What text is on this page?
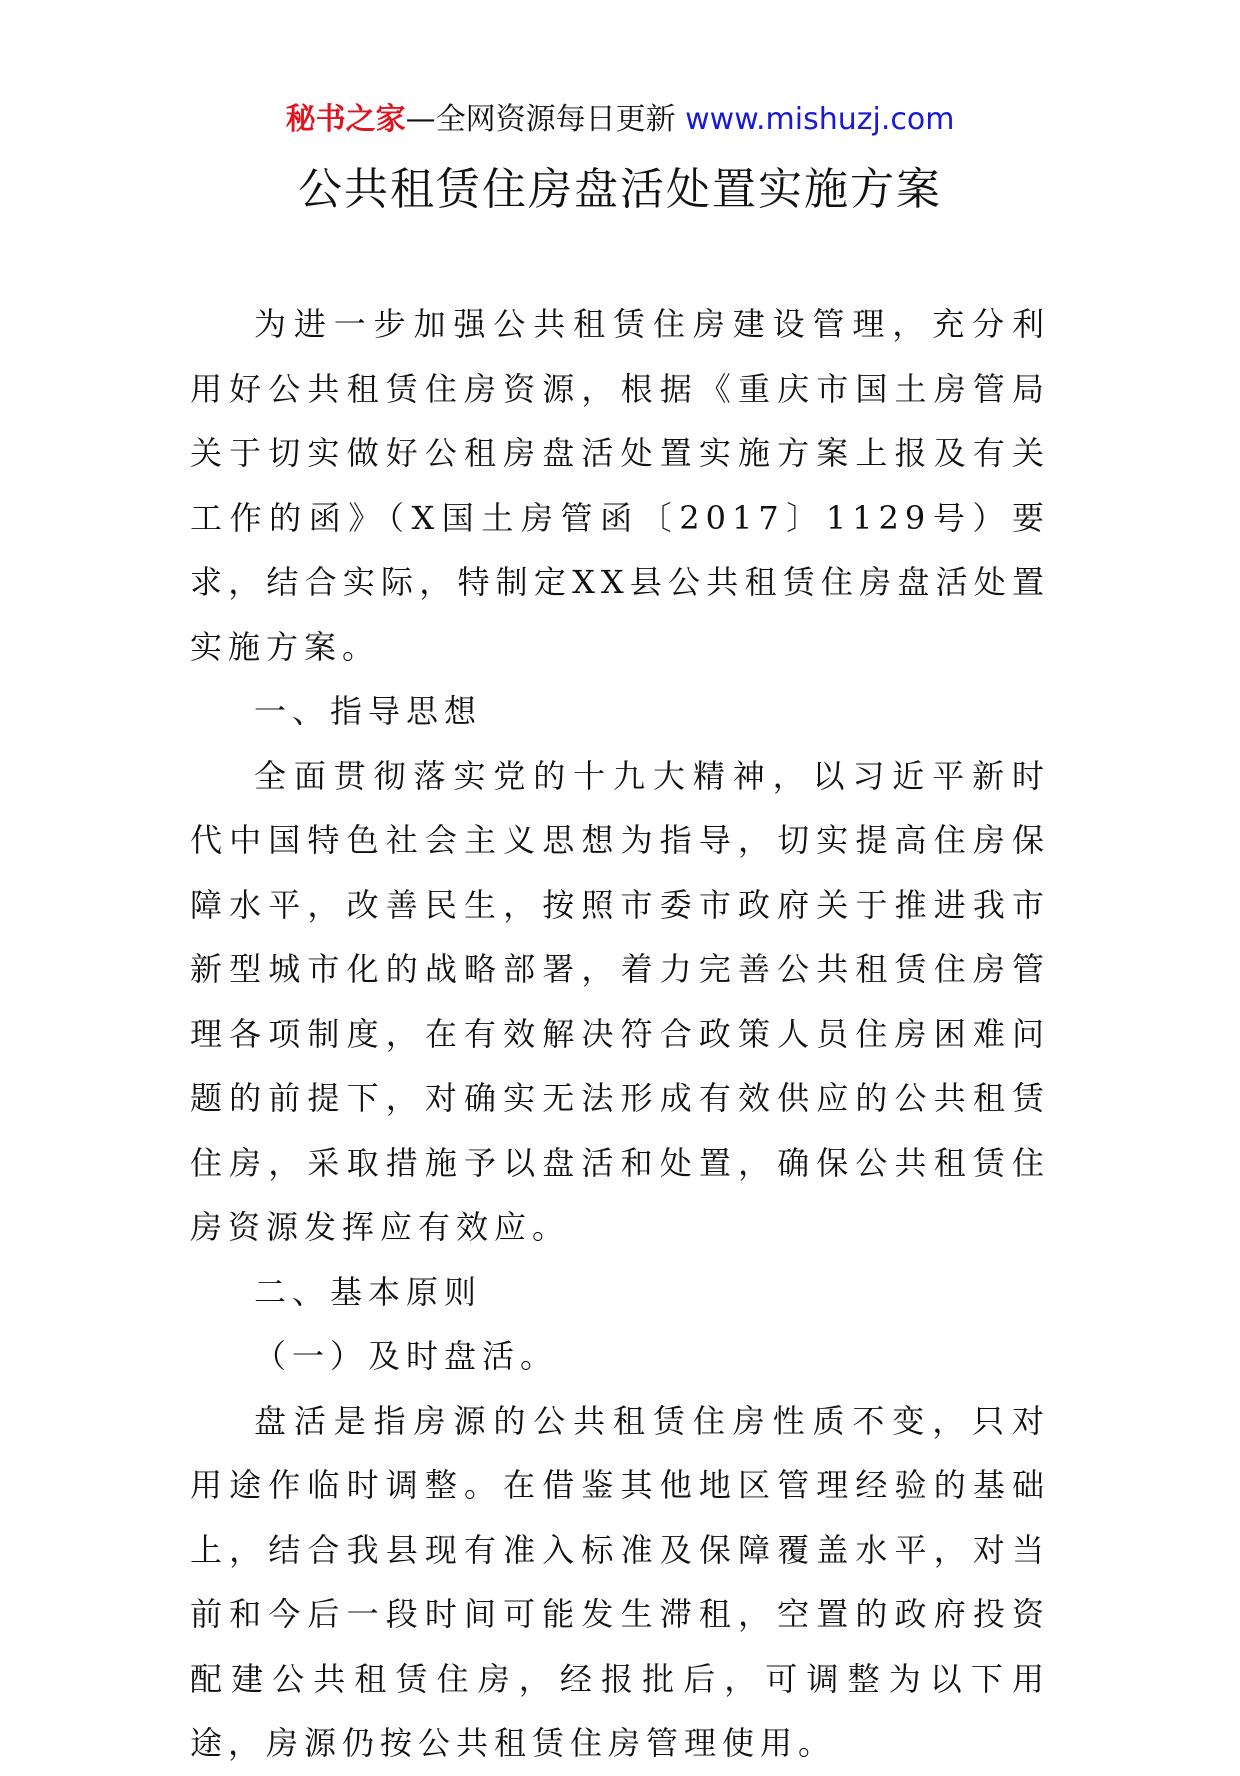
秘书之家—全网资源每日更新 www.mishuzj.com
公共租赁住房盘活处置实施方案

为进一步加强公共租赁住房建设管理，充分利用好公共租赁住房资源，根据《重庆市国土房管局关于切实做好公租房盘活处置实施方案上报及有关工作的函》（X国土房管函〔2017〕1129号）要求，结合实际，特制定XX县公共租赁住房盘活处置实施方案。

一、指导思想

全面贯彻落实党的十九大精神，以习近平新时代中国特色社会主义思想为指导，切实提高住房保障水平，改善民生，按照市委市政府关于推进我市新型城市化的战略部署，着力完善公共租赁住房管理各项制度，在有效解决符合政策人员住房困难问题的前提下，对确实无法形成有效供应的公共租赁住房，采取措施予以盘活和处置，确保公共租赁住房资源发挥应有效应。

二、基本原则

（一）及时盘活。

盘活是指房源的公共租赁住房性质不变，只对用途作临时调整。在借鉴其他地区管理经验的基础上，结合我县现有准入标准及保障覆盖水平，对当前和今后一段时间可能发生滞租，空置的政府投资配建公共租赁住房，经报批后，可调整为以下用途，房源仍按公共租赁住房管理使用。
